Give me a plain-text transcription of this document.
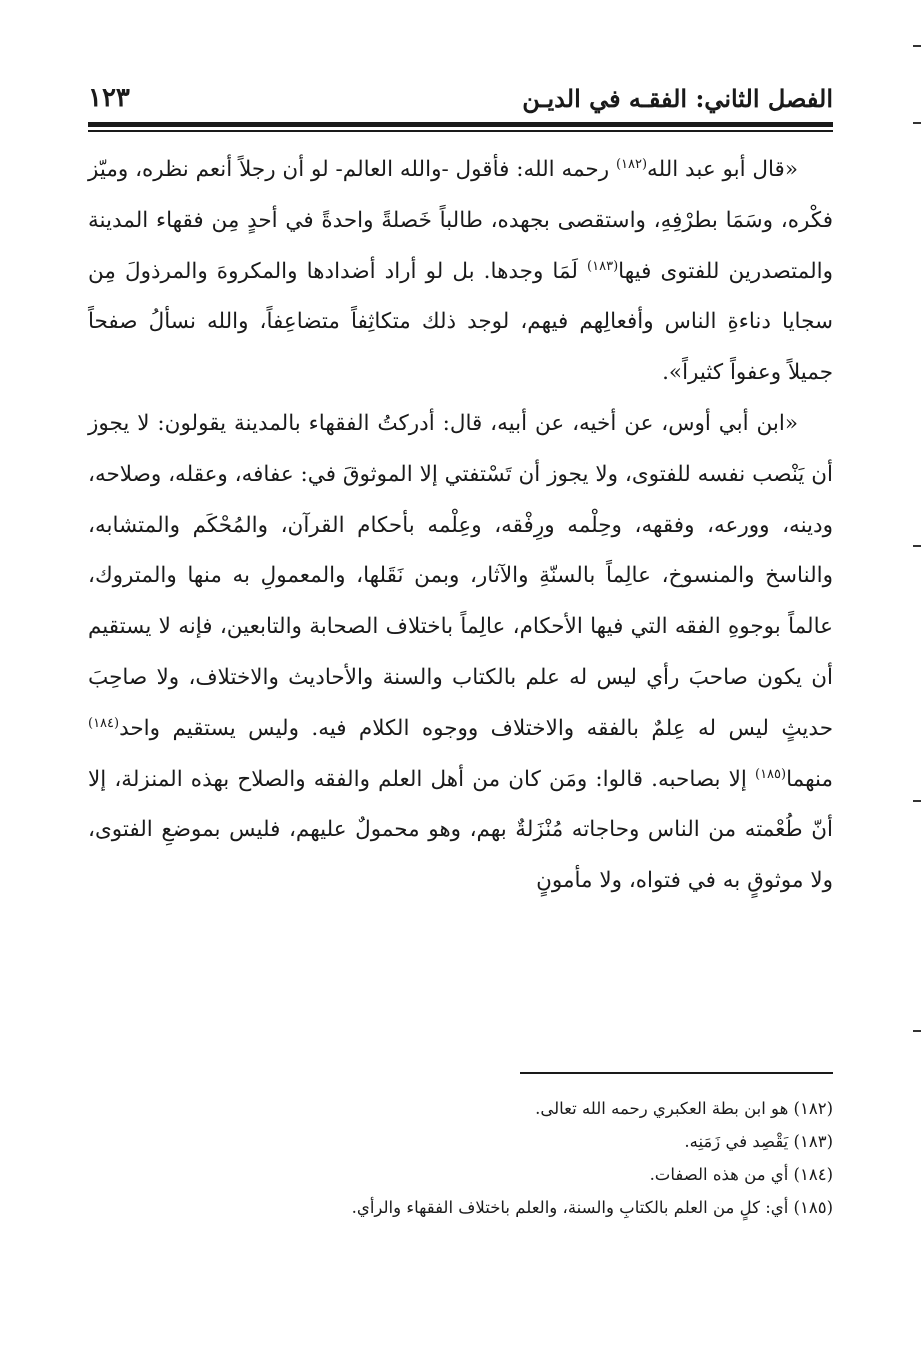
الفصل الثاني: الفقـه في الديـن
١٢٣

«قال أبو عبد الله$^{(١٨٢)}$ رحمه الله: فأقول -والله العالم- لو أن رجلاً أنعم نظره، وميّز فكْره، وسَمَا بطرْفِهِ، واستقصى بجهده، طالباً خَصلةً واحدةً في أحدٍ مِن فقهاء المدينة والمتصدرين للفتوى فيها$^{(١٨٣)}$ لَمَا وجدها. بل لو أراد أضدادها والمكروهَ والمرذولَ مِن سجايا دناءةِ الناس وأفعالِهم فيهم، لوجد ذلك متكاثِفاً متضاعِفاً، والله نسألُ صفحاً جميلاً وعفواً كثيراً».

«ابن أبي أوس، عن أخيه، عن أبيه، قال: أدركتُ الفقهاء بالمدينة يقولون: لا يجوز أن يَنْصب نفسه للفتوى، ولا يجوز أن تَسْتفتي إلا الموثوقَ في: عفافه، وعقله، وصلاحه، ودينه، وورعه، وفقهه، وحِلْمه ورِفْقه، وعِلْمه بأحكام القرآن، والمُحْكَم والمتشابه، والناسخ والمنسوخ، عالِماً بالسنّةِ والآثار، وبمن نَقَلها، والمعمولِ به منها والمتروك، عالماً بوجوهِ الفقه التي فيها الأحكام، عالِماً باختلاف الصحابة والتابعين، فإنه لا يستقيم أن يكون صاحبَ رأي ليس له علم بالكتاب والسنة والأحاديث والاختلاف، ولا صاحِبَ حديثٍ ليس له عِلمٌ بالفقه والاختلاف ووجوه الكلام فيه. وليس يستقيم واحد$^{(١٨٤)}$ منهما$^{(١٨٥)}$ إلا بصاحبه. قالوا: ومَن كان من أهل العلم والفقه والصلاح بهذه المنزلة، إلا أنّ طُعْمته من الناس وحاجاته مُنْزَلةٌ بهم، وهو محمولٌ عليهم، فليس بموضعِ الفتوى، ولا موثوقٍ به في فتواه، ولا مأمونٍ

(١٨٢) هو ابن بطة العكبري رحمه الله تعالى.

(١٨٣) يَقْصِد في زَمَنِه.

(١٨٤) أي من هذه الصفات.

(١٨٥) أي: كلٍ من العلم بالكتابِ والسنة، والعلم باختلاف الفقهاء والرأي.
